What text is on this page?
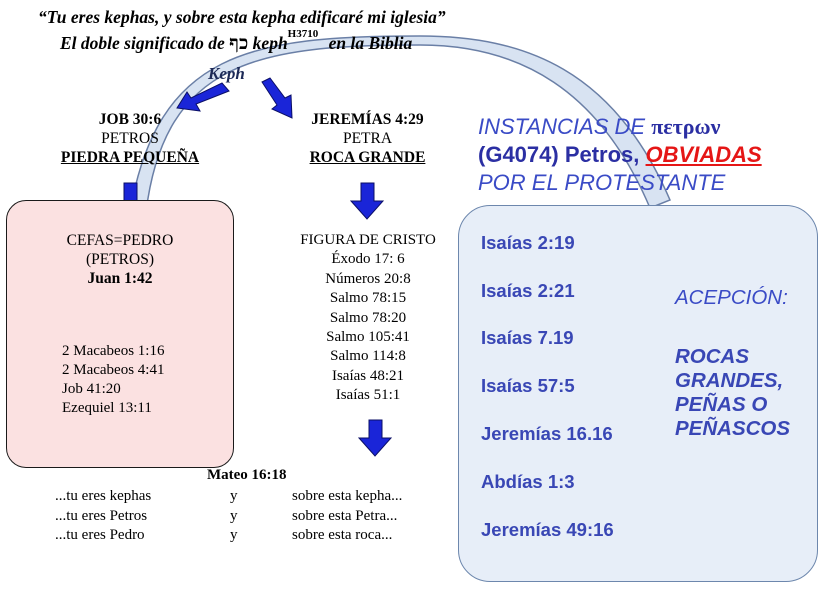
“Tu eres kephas, y sobre esta kepha edificaré mi iglesia”
El doble significado de כף keph$^{H3710}$ en la Biblia
Keph
JOB 30:6
PETROS
PIEDRA PEQUEÑA
JEREMÍAS 4:29
PETRA
ROCA GRANDE
CEFAS=PEDRO
(PETROS)
Juan 1:42
2 Macabeos 1:16
2 Macabeos 4:41
Job 41:20
Ezequiel 13:11
FIGURA DE CRISTO
Éxodo 17: 6
Números 20:8
Salmo 78:15
Salmo 78:20
Salmo 105:41
Salmo 114:8
Isaías 48:21
Isaías 51:1
Mateo 16:18
...tu eres kephas	y	sobre esta kepha...
...tu eres Petros	y	sobre esta Petra...
...tu eres Pedro	y	sobre esta roca...
INSTANCIAS DE πετρων
(G4074) Petros, OBVIADAS
POR EL PROTESTANTE
Isaías 2:19
Isaías 2:21
Isaías 7.19
Isaías 57:5
Jeremías 16.16
Abdías 1:3
Jeremías 49:16
ACEPCIÓN:
ROCAS
GRANDES,
PEÑAS O
PEÑASCOS
